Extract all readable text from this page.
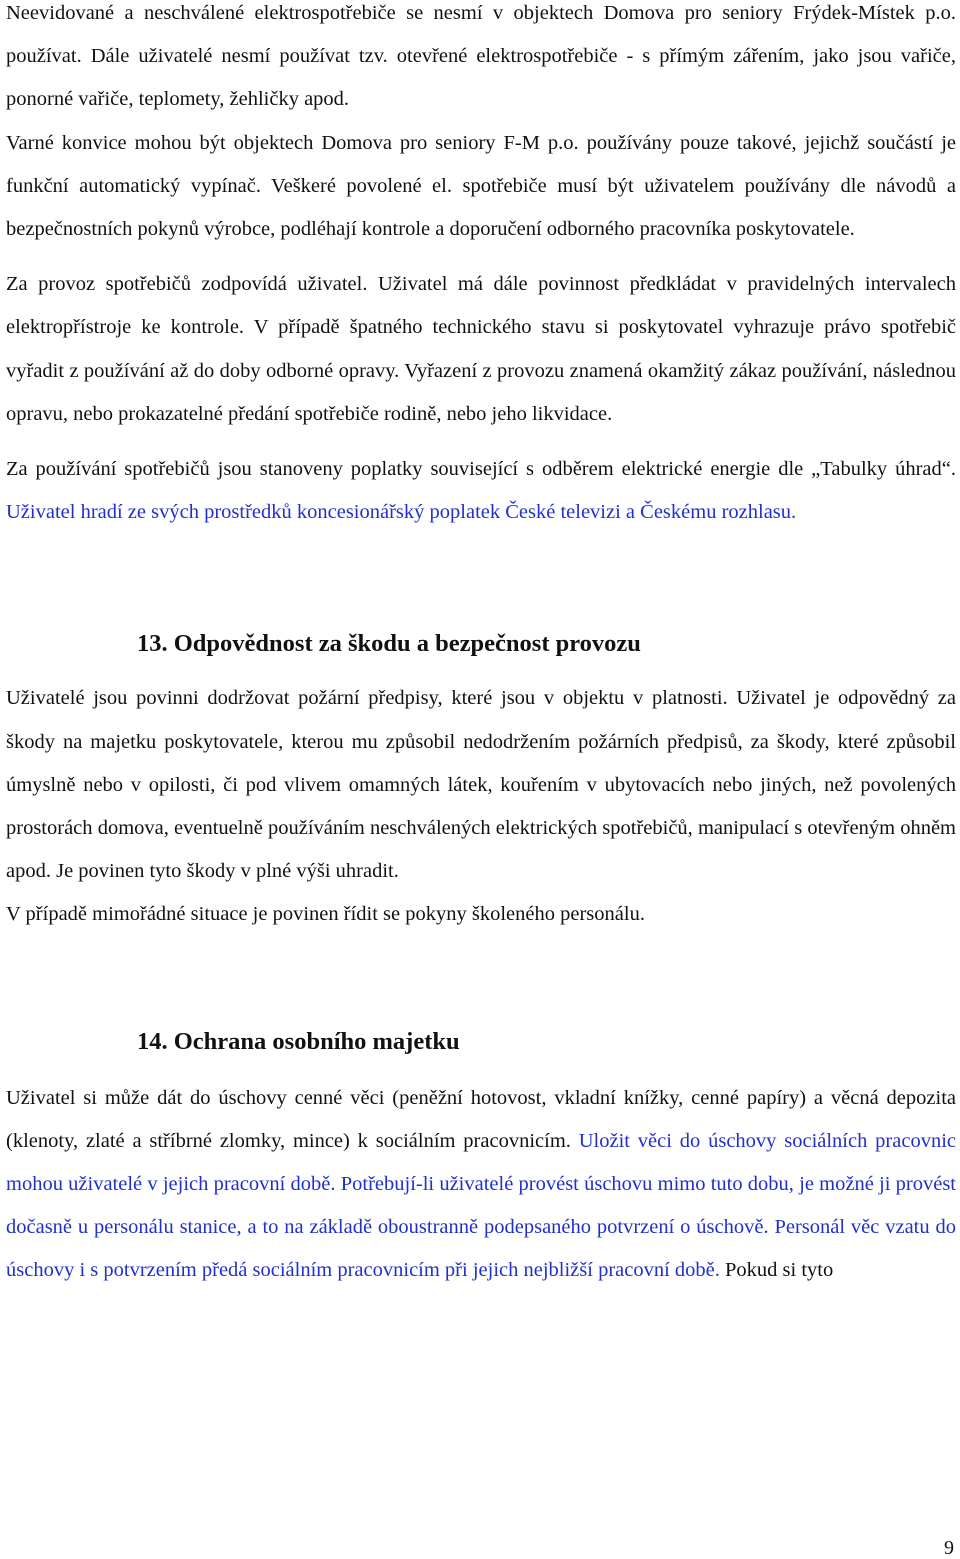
Neevidované a neschválené elektrospotřebiče se nesmí v objektech Domova pro seniory Frýdek-Místek p.o. používat. Dále uživatelé nesmí používat tzv. otevřené elektrospotřebiče - s přímým zářením, jako jsou vařiče, ponorné vařiče, teplomety, žehličky apod.

Varné konvice mohou být objektech Domova pro seniory F-M p.o. používány pouze takové, jejichž součástí je funkční automatický vypínač. Veškeré povolené el. spotřebiče musí být uživatelem používány dle návodů a bezpečnostních pokynů výrobce, podléhají kontrole a doporučení odborného pracovníka poskytovatele.

Za provoz spotřebičů zodpovídá uživatel. Uživatel má dále povinnost předkládat v pravidelných intervalech elektropřístroje ke kontrole. V případě špatného technického stavu si poskytovatel vyhrazuje právo spotřebič vyřadit z používání až do doby odborné opravy. Vyřazení z provozu znamená okamžitý zákaz používání, následnou opravu, nebo prokazatelné předání spotřebiče rodině, nebo jeho likvidace.

Za používání spotřebičů jsou stanoveny poplatky související s odběrem elektrické energie dle „Tabulky úhrad“. Uživatel hradí ze svých prostředků koncesionářský poplatek České televizi a Českému rozhlasu.

13. Odpovědnost za škodu a bezpečnost provozu

Uživatelé jsou povinni dodržovat požární předpisy, které jsou v objektu v platnosti. Uživatel je odpovědný za škody na majetku poskytovatele, kterou mu způsobil nedodržením požárních předpisů, za škody, které způsobil úmyslně nebo v opilosti, či pod vlivem omamných látek, kouřením v ubytovacích nebo jiných, než povolených prostorách domova, eventuelně používáním neschválených elektrických spotřebičů, manipulací s otevřeným ohněm apod. Je povinen tyto škody v plné výši uhradit.

V případě mimořádné situace je povinen řídit se pokyny školeného personálu.

14. Ochrana osobního majetku

Uživatel si může dát do úschovy cenné věci (peněžní hotovost, vkladní knížky, cenné papíry) a věcná depozita (klenoty, zlaté a stříbrné zlomky, mince) k sociálním pracovnicím. Uložit věci do úschovy sociálních pracovnic mohou uživatelé v jejich pracovní době. Potřebují-li uživatelé provést úschovu mimo tuto dobu, je možné ji provést dočasně u personálu stanice, a to na základě oboustranně podepsaného potvrzení o úschově. Personál věc vzatu do úschovy i s potvrzením předá sociálním pracovnicím při jejich nejbližší pracovní době. Pokud si tyto

9
